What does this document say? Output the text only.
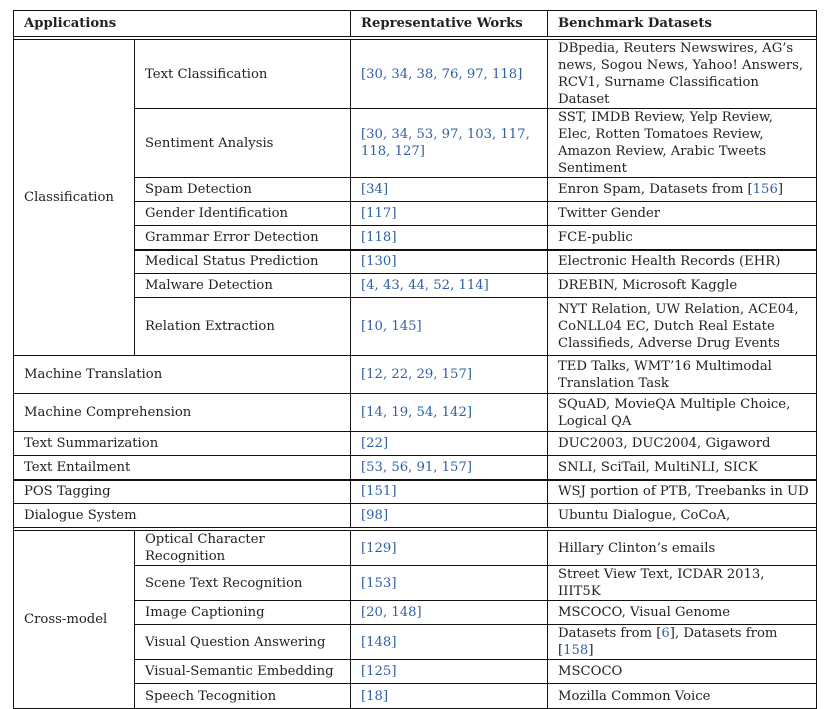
Applications		Representative Works	Benchmark Datasets

Classification	Text Classification	[30, 34, 38, 76, 97, 118]	DBpedia, Reuters Newswires, AG’s news, Sogou News, Yahoo! Answers, RCV1, Surname Classification Dataset
	Sentiment Analysis	[30, 34, 53, 97, 103, 117, 118, 127]	SST, IMDB Review, Yelp Review, Elec, Rotten Tomatoes Review, Amazon Review, Arabic Tweets Sentiment
	Spam Detection	[34]	Enron Spam, Datasets from [156]
	Gender Identification	[117]	Twitter Gender
	Grammar Error Detection	[118]	FCE-public
	Medical Status Prediction	[130]	Electronic Health Records (EHR)
	Malware Detection	[4, 43, 44, 52, 114]	DREBIN, Microsoft Kaggle
	Relation Extraction	[10, 145]	NYT Relation, UW Relation, ACE04, CoNLL04 EC, Dutch Real Estate Classifieds, Adverse Drug Events
Machine Translation		[12, 22, 29, 157]	TED Talks, WMT’16 Multimodal Translation Task
Machine Comprehension		[14, 19, 54, 142]	SQuAD, MovieQA Multiple Choice, Logical QA
Text Summarization		[22]	DUC2003, DUC2004, Gigaword
Text Entailment		[53, 56, 91, 157]	SNLI, SciTail, MultiNLI, SICK
POS Tagging		[151]	WSJ portion of PTB, Treebanks in UD
Dialogue System		[98]	Ubuntu Dialogue, CoCoA,

Cross-model	Optical Character Recognition	[129]	Hillary Clinton’s emails
	Scene Text Recognition	[153]	Street View Text, ICDAR 2013, IIIT5K
	Image Captioning	[20, 148]	MSCOCO, Visual Genome
	Visual Question Answering	[148]	Datasets from [6], Datasets from [158]
	Visual-Semantic Embedding	[125]	MSCOCO
	Speech Tecognition	[18]	Mozilla Common Voice
